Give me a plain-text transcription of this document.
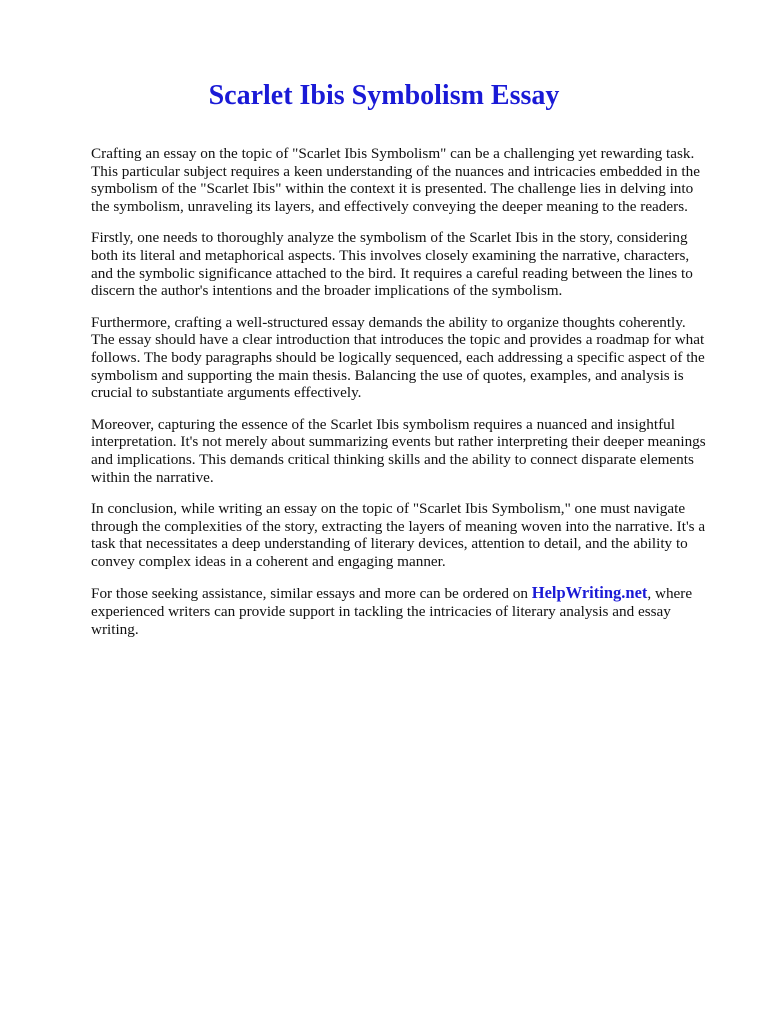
Scarlet Ibis Symbolism Essay

Crafting an essay on the topic of "Scarlet Ibis Symbolism" can be a challenging yet rewarding task. This particular subject requires a keen understanding of the nuances and intricacies embedded in the symbolism of the "Scarlet Ibis" within the context it is presented. The challenge lies in delving into the symbolism, unraveling its layers, and effectively conveying the deeper meaning to the readers.

Firstly, one needs to thoroughly analyze the symbolism of the Scarlet Ibis in the story, considering both its literal and metaphorical aspects. This involves closely examining the narrative, characters, and the symbolic significance attached to the bird. It requires a careful reading between the lines to discern the author's intentions and the broader implications of the symbolism.

Furthermore, crafting a well-structured essay demands the ability to organize thoughts coherently. The essay should have a clear introduction that introduces the topic and provides a roadmap for what follows. The body paragraphs should be logically sequenced, each addressing a specific aspect of the symbolism and supporting the main thesis. Balancing the use of quotes, examples, and analysis is crucial to substantiate arguments effectively.

Moreover, capturing the essence of the Scarlet Ibis symbolism requires a nuanced and insightful interpretation. It's not merely about summarizing events but rather interpreting their deeper meanings and implications. This demands critical thinking skills and the ability to connect disparate elements within the narrative.

In conclusion, while writing an essay on the topic of "Scarlet Ibis Symbolism," one must navigate through the complexities of the story, extracting the layers of meaning woven into the narrative. It's a task that necessitates a deep understanding of literary devices, attention to detail, and the ability to convey complex ideas in a coherent and engaging manner.

For those seeking assistance, similar essays and more can be ordered on HelpWriting.net, where experienced writers can provide support in tackling the intricacies of literary analysis and essay writing.
